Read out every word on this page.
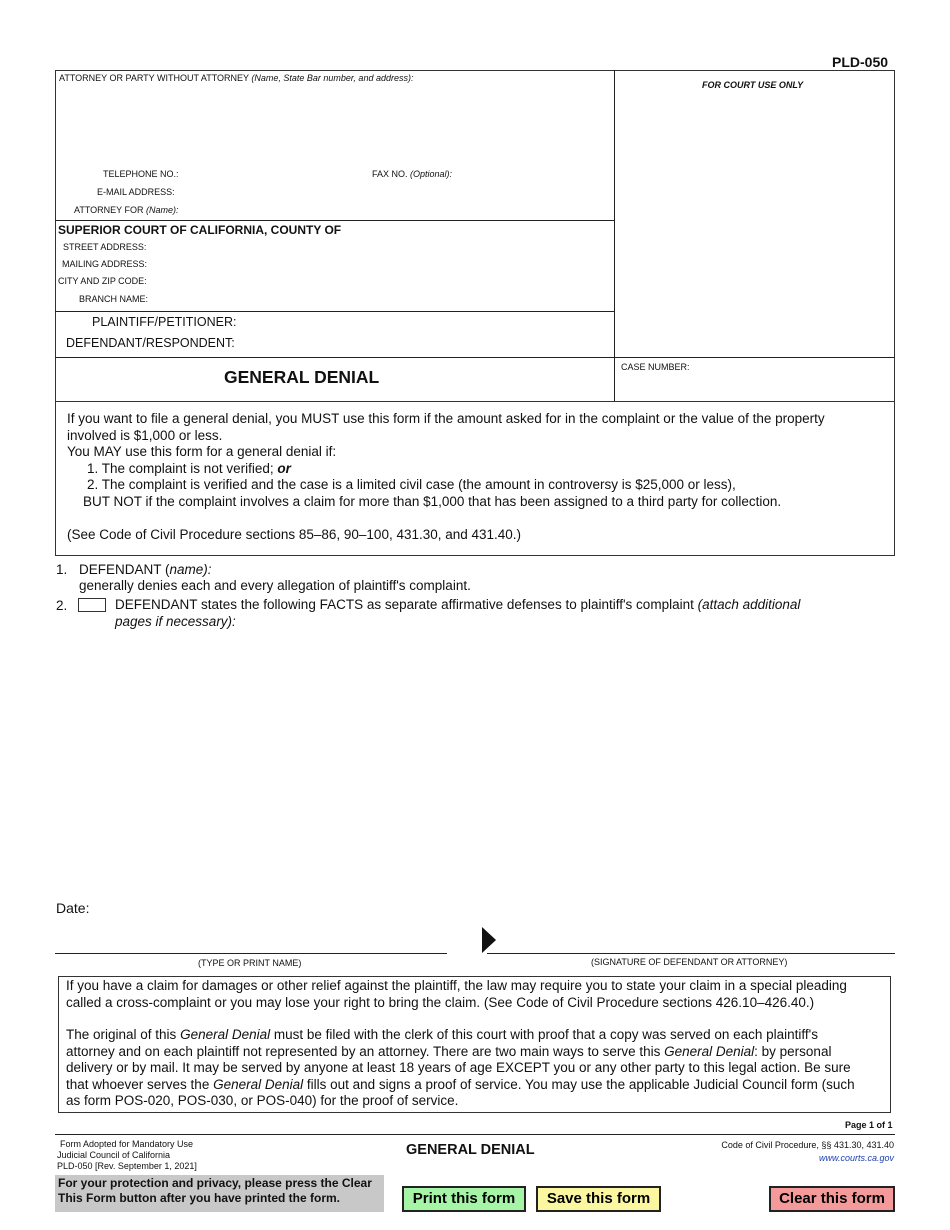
PLD-050
ATTORNEY OR PARTY WITHOUT ATTORNEY (Name, State Bar number, and address):
TELEPHONE NO.:	FAX NO. (Optional):
E-MAIL ADDRESS:
ATTORNEY FOR (Name):
SUPERIOR COURT OF CALIFORNIA, COUNTY OF
STREET ADDRESS:
MAILING ADDRESS:
CITY AND ZIP CODE:
BRANCH NAME:
PLAINTIFF/PETITIONER:
DEFENDANT/RESPONDENT:
FOR COURT USE ONLY
GENERAL DENIAL	CASE NUMBER:
If you want to file a general denial, you MUST use this form if the amount asked for in the complaint or the value of the property
involved is $1,000 or less.
You MAY use this form for a general denial if:
1. The complaint is not verified; or
2. The complaint is verified and the case is a limited civil case (the amount in controversy is $25,000 or less),
BUT NOT if the complaint involves a claim for more than $1,000 that has been assigned to a third party for collection.
(See Code of Civil Procedure sections 85–86, 90–100, 431.30, and 431.40.)
1. DEFENDANT (name):
generally denies each and every allegation of plaintiff's complaint.
2.	DEFENDANT states the following FACTS as separate affirmative defenses to plaintiff's complaint (attach additional
pages if necessary):
Date:
(TYPE OR PRINT NAME)	(SIGNATURE OF DEFENDANT OR ATTORNEY)
If you have a claim for damages or other relief against the plaintiff, the law may require you to state your claim in a special pleading
called a cross-complaint or you may lose your right to bring the claim. (See Code of Civil Procedure sections 426.10–426.40.)
The original of this General Denial must be filed with the clerk of this court with proof that a copy was served on each plaintiff's
attorney and on each plaintiff not represented by an attorney. There are two main ways to serve this General Denial: by personal
delivery or by mail. It may be served by anyone at least 18 years of age EXCEPT you or any other party to this legal action. Be sure
that whoever serves the General Denial fills out and signs a proof of service. You may use the applicable Judicial Council form (such
as form POS-020, POS-030, or POS-040) for the proof of service.
Page 1 of 1
Form Adopted for Mandatory Use
Judicial Council of California
PLD-050 [Rev. September 1, 2021]
GENERAL DENIAL	Code of Civil Procedure, §§ 431.30, 431.40
www.courts.ca.gov
For your protection and privacy, please press the Clear
This Form button after you have printed the form.	Print this form	Save this form	Clear this form
